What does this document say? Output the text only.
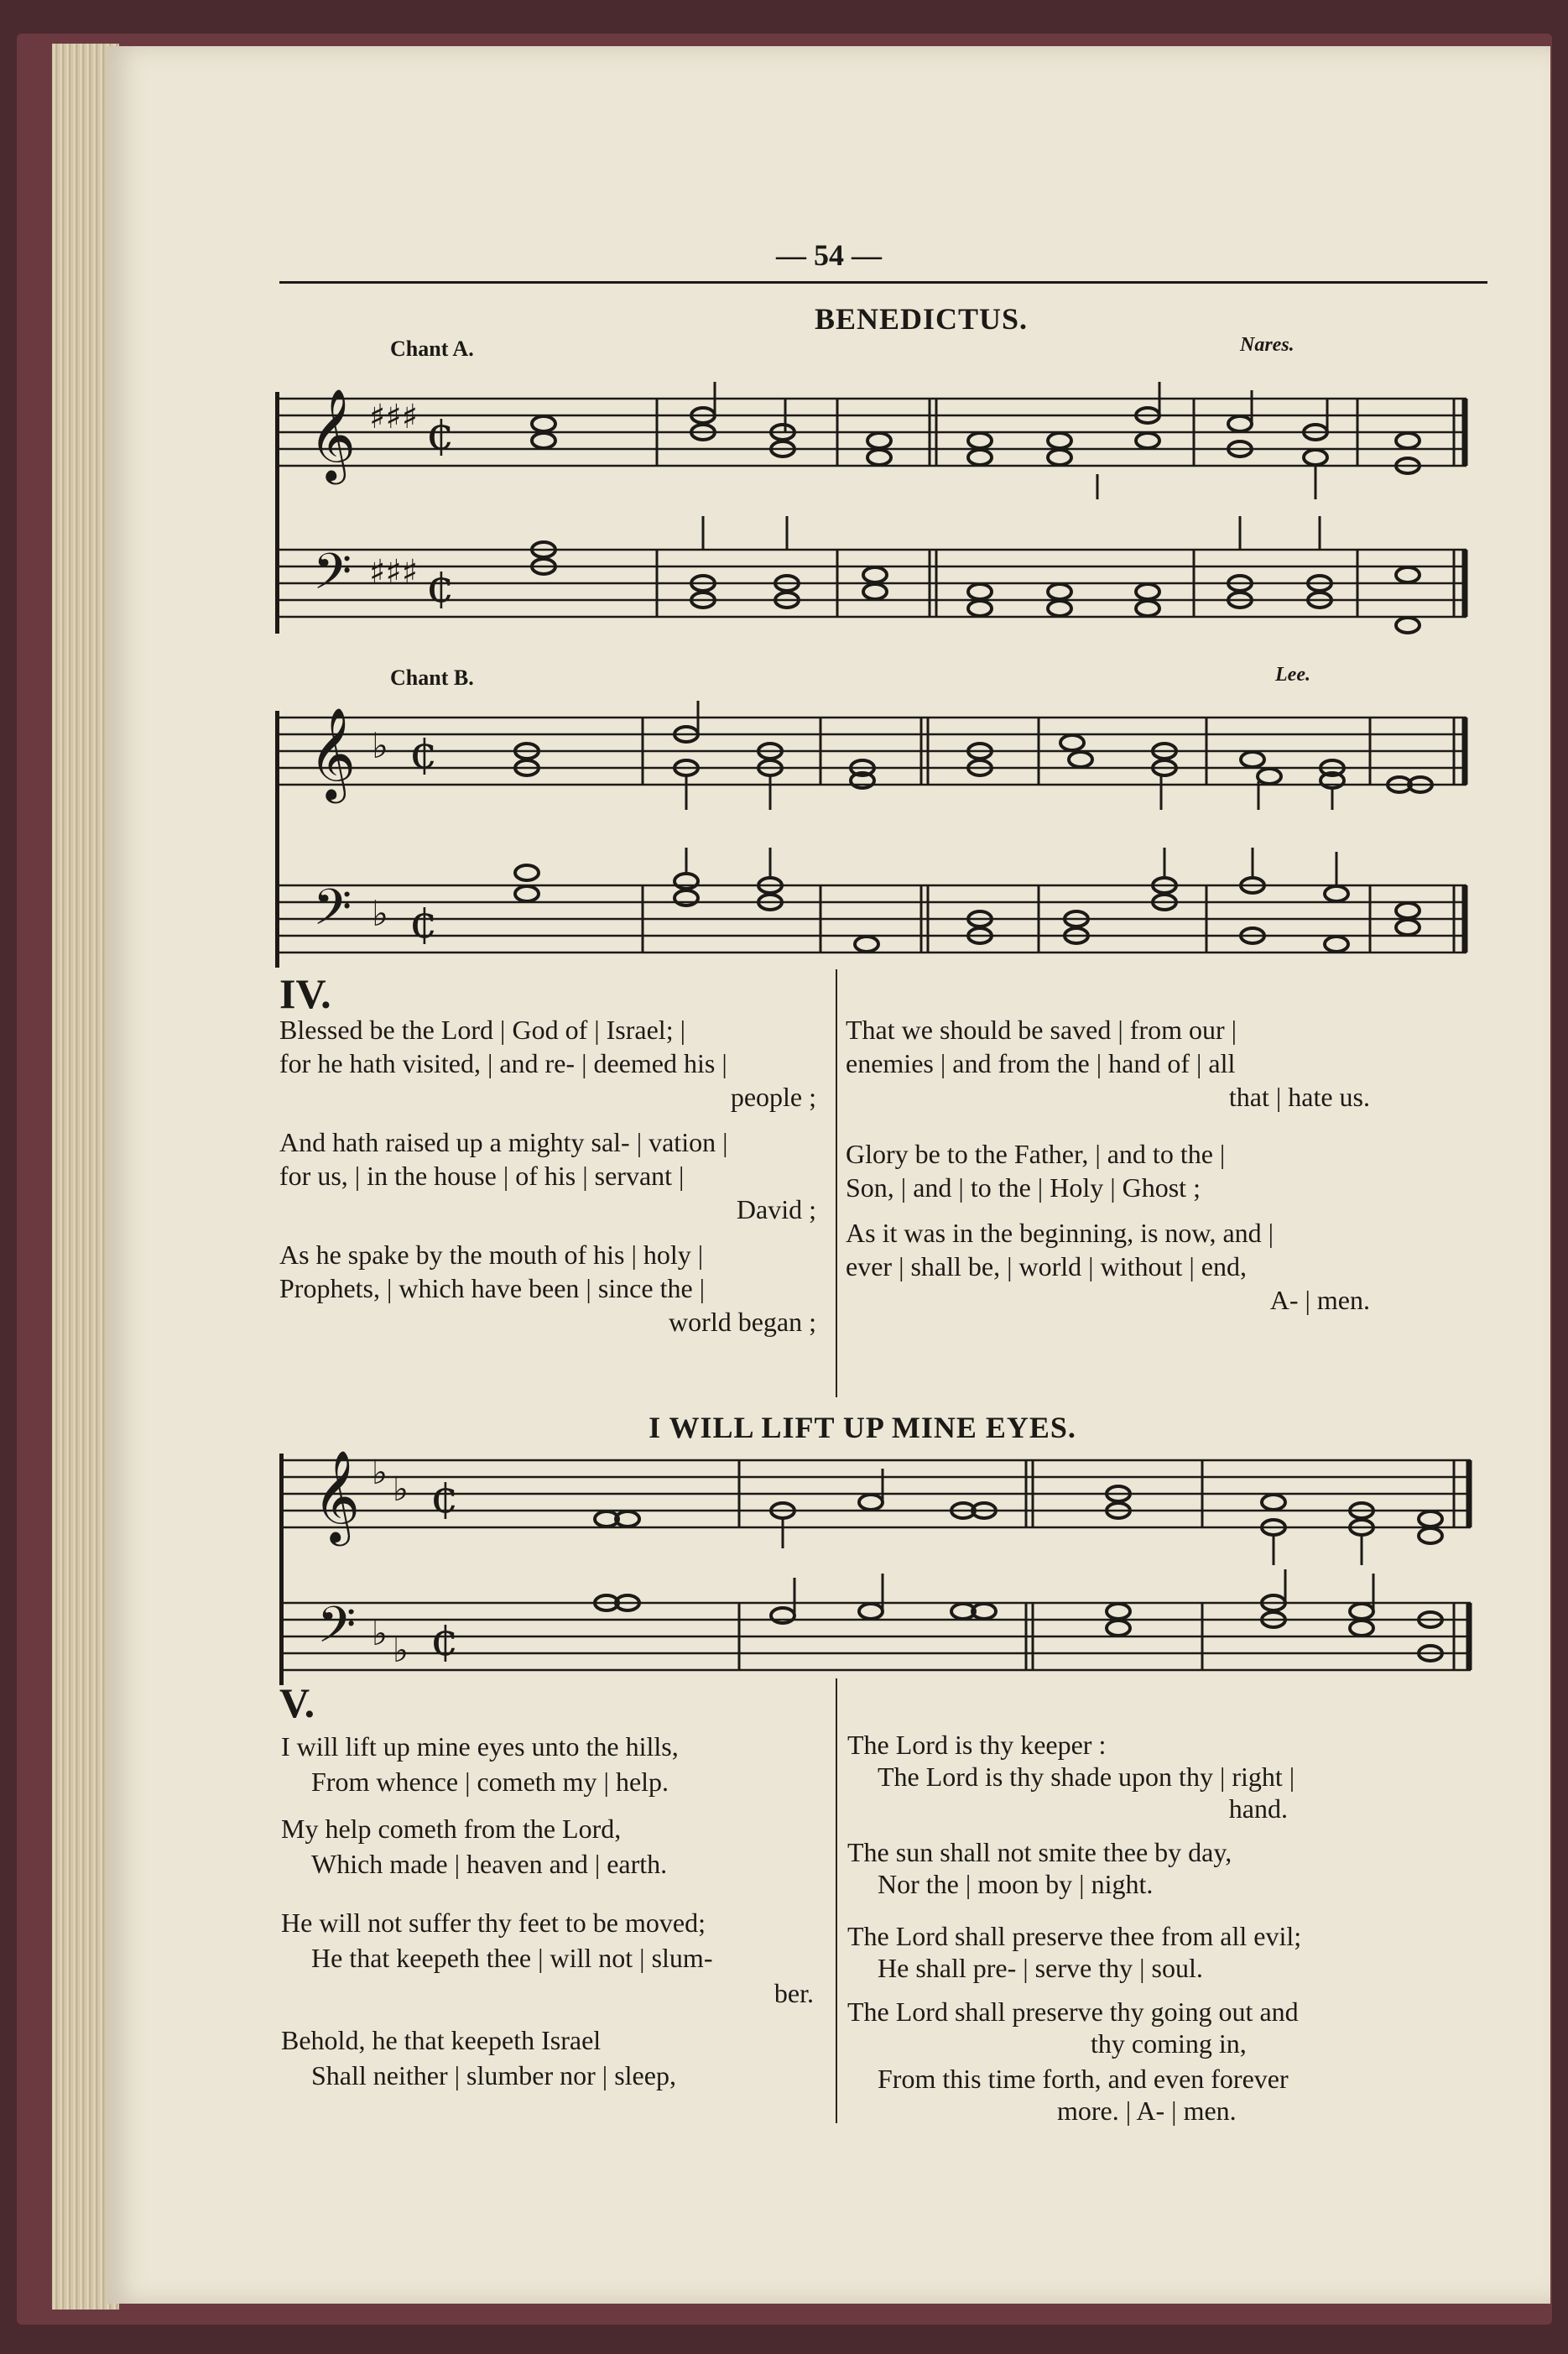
— 54 —
BENEDICTUS.
Chant A.	Nares.
𝄞
𝄢
♯♯♯
♯♯♯
¢
¢
Chant B.	Lee.
𝄞
𝄢
♭
♭
¢
¢
IV.

Blessed be the Lord | God of | Israel; |
for he hath visited, | and re- | deemed his |
people ;

And hath raised up a mighty sal- | vation |
for us, | in the house | of his | servant |
David ;

As he spake by the mouth of his | holy |
Prophets, | which have been | since the |
world began ;

That we should be saved | from our |
enemies | and from the | hand of | all
that | hate us.

Glory be to the Father, | and to the |
Son, | and | to the | Holy | Ghost ;

As it was in the beginning, is now, and |
ever | shall be, | world | without | end,
A- | men.

I WILL LIFT UP MINE EYES.
𝄞
𝄢
♭ ♭
♭ ♭
¢
¢
V.

I will lift up mine eyes unto the hills,
From whence | cometh my | help.

My help cometh from the Lord,
Which made | heaven and | earth.

He will not suffer thy feet to be moved;
He that keepeth thee | will not | slum-
ber.

Behold, he that keepeth Israel
Shall neither | slumber nor | sleep,

The Lord is thy keeper :
The Lord is thy shade upon thy | right |
hand.

The sun shall not smite thee by day,
Nor the | moon by | night.

The Lord shall preserve thee from all evil;
He shall pre- | serve thy | soul.

The Lord shall preserve thy going out and
thy coming in,

From this time forth, and even forever
more. | A- | men.
